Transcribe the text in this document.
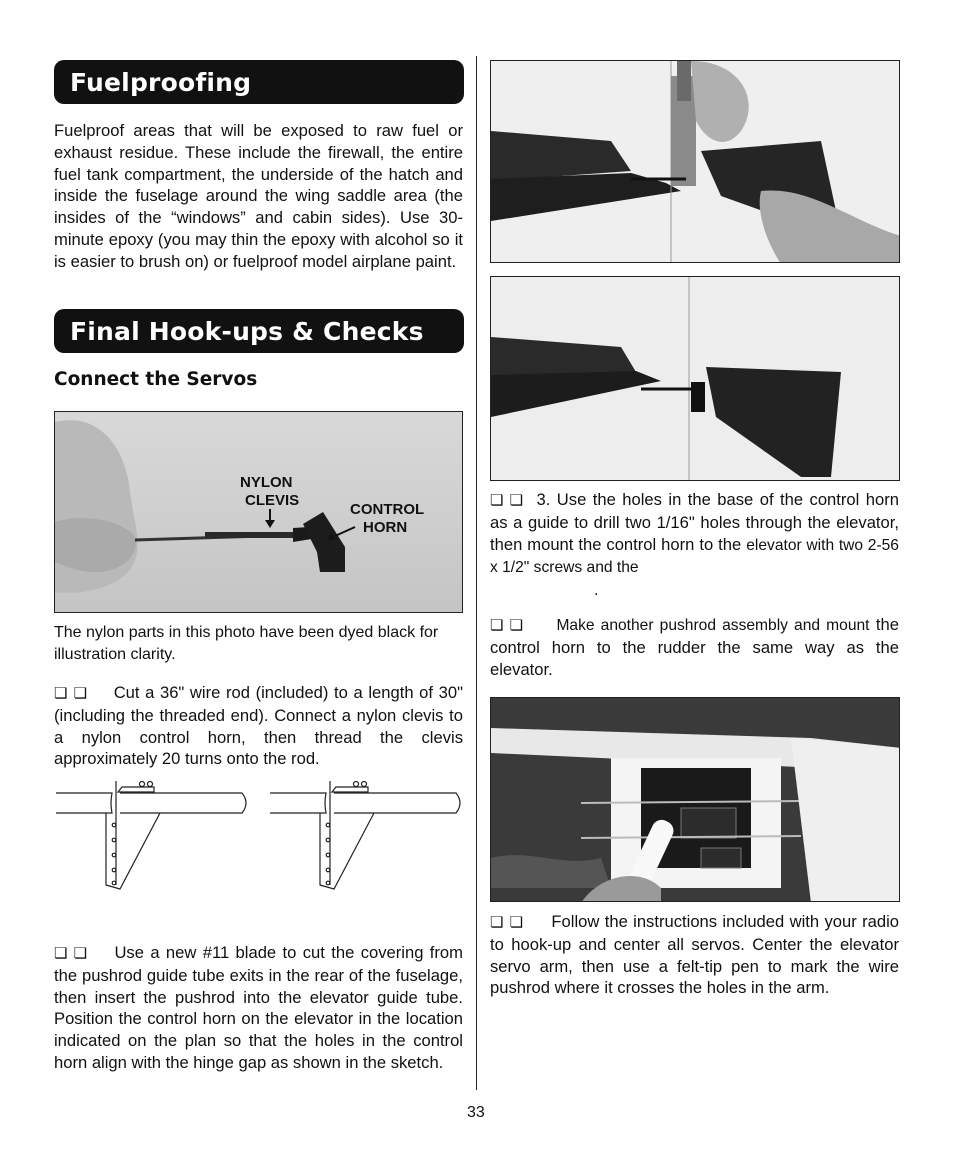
Fuelproofing
Fuelproof areas that will be exposed to raw fuel or exhaust residue. These include the firewall, the entire fuel tank compartment, the underside of the hatch and inside the fuselage around the wing saddle area (the insides of the “windows” and cabin sides). Use 30-minute epoxy (you may thin the epoxy with alcohol so it is easier to brush on) or fuelproof model airplane paint.
Final Hook-ups & Checks
Connect the Servos
NYLON
CLEVIS
CONTROL
HORN
The nylon parts in this photo have been dyed black for illustration clarity.
❏ ❏ Cut a 36" wire rod (included) to a length of 30" (including the threaded end). Connect a nylon clevis to a nylon control horn, then thread the clevis approximately 20 turns onto the rod.
❏ ❏ Use a new #11 blade to cut the covering from the pushrod guide tube exits in the rear of the fuselage, then insert the pushrod into the elevator guide tube. Position the control horn on the elevator in the location indicated on the plan so that the holes in the control horn align with the hinge gap as shown in the sketch.
❏ ❏ 3. Use the holes in the base of the control horn as a guide to drill two 1/16" holes through the elevator, then mount the control horn to the elevator with two 2-56 x 1/2" screws and the
.
❏ ❏ Make another pushrod assembly and mount the control horn to the rudder the same way as the elevator.
❏ ❏ Follow the instructions included with your radio to hook-up and center all servos. Center the elevator servo arm, then use a felt-tip pen to mark the wire pushrod where it crosses the holes in the arm.
33
